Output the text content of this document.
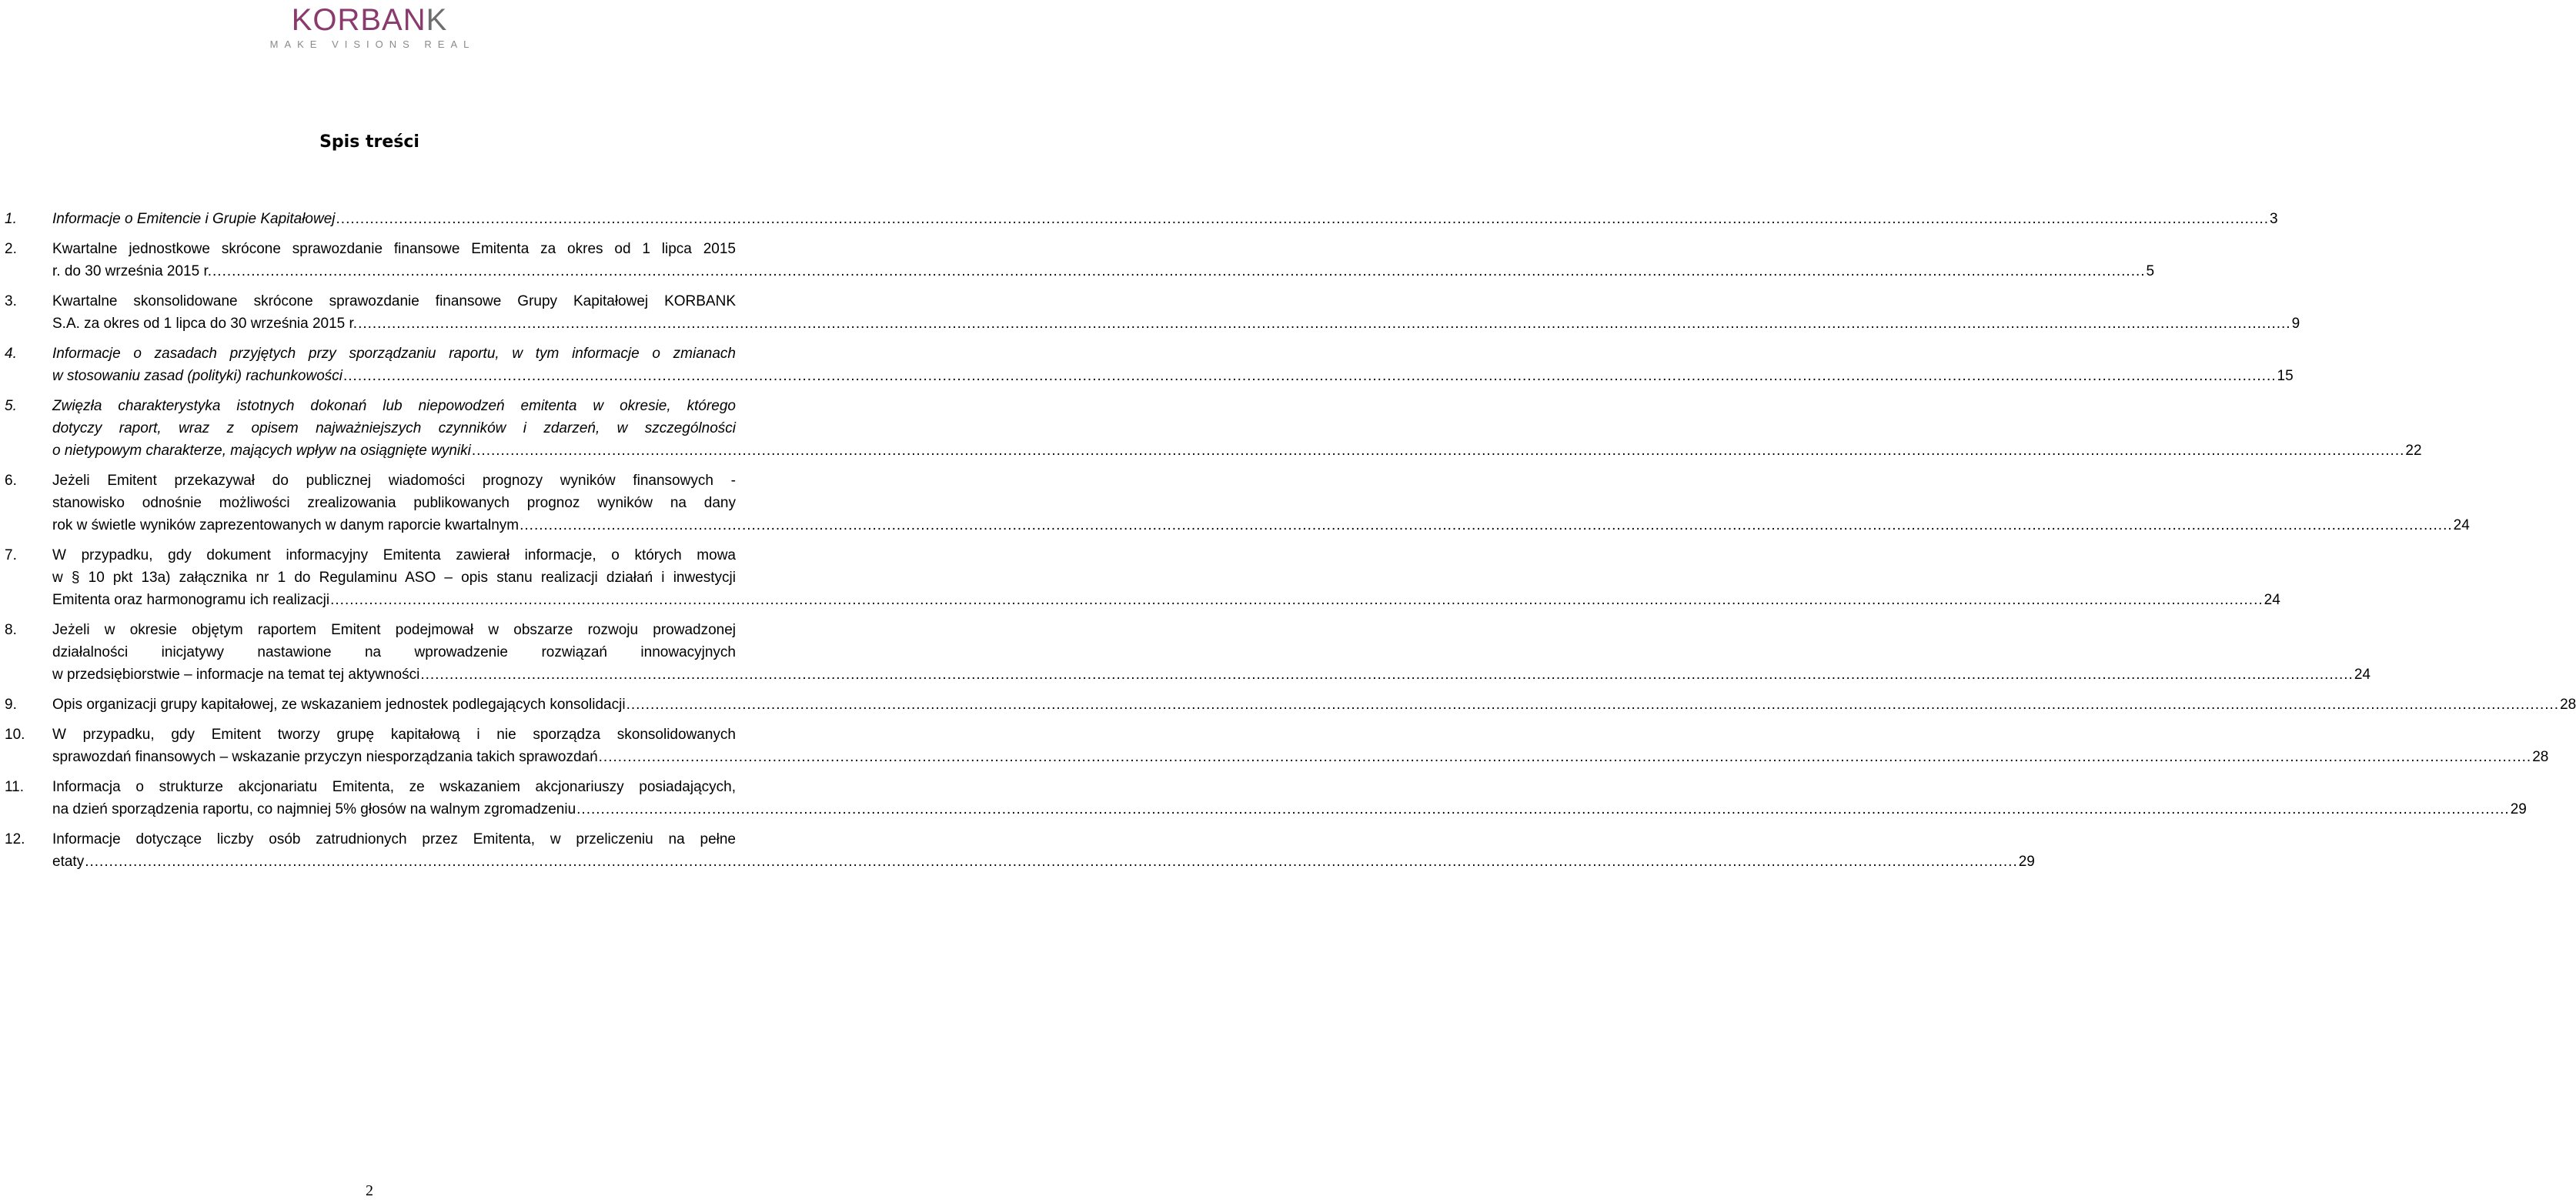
KORBANK
MAKE VISIONS REAL
Spis treści
1. Informacje o Emitencie i Grupie Kapitałowej ................................................................................................................................................................................................................................................................................................................................................................................................................ 3
2. Kwartalne jednostkowe skrócone sprawozdanie finansowe Emitenta za okres od 1 lipca 2015
r. do 30 września 2015 r. ................................................................................................................................................................................................................................................................................................................................................................................................................ 5
3. Kwartalne skonsolidowane skrócone sprawozdanie finansowe Grupy Kapitałowej KORBANK
S.A. za okres od 1 lipca do 30 września 2015 r. ................................................................................................................................................................................................................................................................................................................................................................................................................ 9
4. Informacje o zasadach przyjętych przy sporządzaniu raportu, w tym informacje o zmianach
w stosowaniu zasad (polityki) rachunkowości ................................................................................................................................................................................................................................................................................................................................................................................................................ 15
5. Zwięzła charakterystyka istotnych dokonań lub niepowodzeń emitenta w okresie, którego
dotyczy raport, wraz z opisem najważniejszych czynników i zdarzeń, w szczególności
o nietypowym charakterze, mających wpływ na osiągnięte wyniki ................................................................................................................................................................................................................................................................................................................................................................................................................ 22
6. Jeżeli Emitent przekazywał do publicznej wiadomości prognozy wyników finansowych -
stanowisko odnośnie możliwości zrealizowania publikowanych prognoz wyników na dany
rok w świetle wyników zaprezentowanych w danym raporcie kwartalnym ................................................................................................................................................................................................................................................................................................................................................................................................................ 24
7. W przypadku, gdy dokument informacyjny Emitenta zawierał informacje, o których mowa
w § 10 pkt 13a) załącznika nr 1 do Regulaminu ASO – opis stanu realizacji działań i inwestycji
Emitenta oraz harmonogramu ich realizacji ................................................................................................................................................................................................................................................................................................................................................................................................................ 24
8. Jeżeli w okresie objętym raportem Emitent podejmował w obszarze rozwoju prowadzonej
działalności inicjatywy nastawione na wprowadzenie rozwiązań innowacyjnych
w przedsiębiorstwie – informacje na temat tej aktywności ................................................................................................................................................................................................................................................................................................................................................................................................................ 24
9. Opis organizacji grupy kapitałowej, ze wskazaniem jednostek podlegających konsolidacji ................................................................................................................................................................................................................................................................................................................................................................................................................ 28
10. W przypadku, gdy Emitent tworzy grupę kapitałową i nie sporządza skonsolidowanych
sprawozdań finansowych – wskazanie przyczyn niesporządzania takich sprawozdań ................................................................................................................................................................................................................................................................................................................................................................................................................ 28
11. Informacja o strukturze akcjonariatu Emitenta, ze wskazaniem akcjonariuszy posiadających,
na dzień sporządzenia raportu, co najmniej 5% głosów na walnym zgromadzeniu ................................................................................................................................................................................................................................................................................................................................................................................................................ 29
12. Informacje dotyczące liczby osób zatrudnionych przez Emitenta, w przeliczeniu na pełne
etaty ................................................................................................................................................................................................................................................................................................................................................................................................................ 29
2
